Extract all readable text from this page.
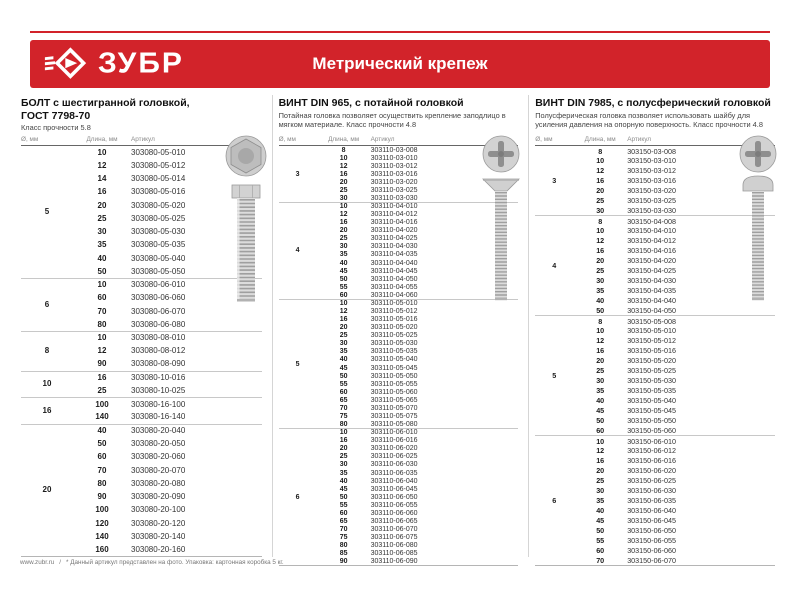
ЗУБР	Метрический крепеж
БОЛТ с шестигранной головкой,
ГОСТ 7798-70
Класс прочности 5.8
Ø, мм	Длина, мм	Артикул
5	10	303080-05-010
	12	303080-05-012
	14	303080-05-014
	16	303080-05-016
	20	303080-05-020
	25	303080-05-025
	30	303080-05-030
	35	303080-05-035
	40	303080-05-040
	50	303080-05-050
6	10	303080-06-010
	60	303080-06-060
	70	303080-06-070
	80	303080-06-080
8	10	303080-08-010
	12	303080-08-012
	90	303080-08-090
10	16	303080-10-016
	25	303080-10-025
16	100	303080-16-100
	140	303080-16-140
20	40	303080-20-040
	50	303080-20-050
	60	303080-20-060
	70	303080-20-070
	80	303080-20-080
	90	303080-20-090
	100	303080-20-100
	120	303080-20-120
	140	303080-20-140
	160	303080-20-160
ВИНТ DIN 965, с потайной головкой
Потайная головка позволяет осуществить крепление заподлицо в мягком материале. Класс прочности 4.8
Ø, мм	Длина, мм	Артикул
3	8	303110-03-008
	10	303110-03-010
	12	303110-03-012
	16	303110-03-016
	20	303110-03-020
	25	303110-03-025
	30	303110-03-030
4	10	303110-04-010
	12	303110-04-012
	16	303110-04-016
	20	303110-04-020
	25	303110-04-025
	30	303110-04-030
	35	303110-04-035
	40	303110-04-040
	45	303110-04-045
	50	303110-04-050
	55	303110-04-055
	60	303110-04-060
5	10	303110-05-010
	12	303110-05-012
	16	303110-05-016
	20	303110-05-020
	25	303110-05-025
	30	303110-05-030
	35	303110-05-035
	40	303110-05-040
	45	303110-05-045
	50	303110-05-050
	55	303110-05-055
	60	303110-05-060
	65	303110-05-065
	70	303110-05-070
	75	303110-05-075
	80	303110-05-080
6	10	303110-06-010
	16	303110-06-016
	20	303110-06-020
	25	303110-06-025
	30	303110-06-030
	35	303110-06-035
	40	303110-06-040
	45	303110-06-045
	50	303110-06-050
	55	303110-06-055
	60	303110-06-060
	65	303110-06-065
	70	303110-06-070
	75	303110-06-075
	80	303110-06-080
	85	303110-06-085
	90	303110-06-090
ВИНТ DIN 7985, с полусферический головкой
Полусферическая головка позволяет использовать шайбу для усиления давления на опорную поверхность. Класс прочности 4.8
Ø, мм	Длина, мм	Артикул
3	8	303150-03-008
	10	303150-03-010
	12	303150-03-012
	16	303150-03-016
	20	303150-03-020
	25	303150-03-025
	30	303150-03-030
4	8	303150-04-008
	10	303150-04-010
	12	303150-04-012
	16	303150-04-016
	20	303150-04-020
	25	303150-04-025
	30	303150-04-030
	35	303150-04-035
	40	303150-04-040
	50	303150-04-050
5	8	303150-05-008
	10	303150-05-010
	12	303150-05-012
	16	303150-05-016
	20	303150-05-020
	25	303150-05-025
	30	303150-05-030
	35	303150-05-035
	40	303150-05-040
	45	303150-05-045
	50	303150-05-050
	60	303150-05-060
6	10	303150-06-010
	12	303150-06-012
	16	303150-06-016
	20	303150-06-020
	25	303150-06-025
	30	303150-06-030
	35	303150-06-035
	40	303150-06-040
	45	303150-06-045
	50	303150-06-050
	55	303150-06-055
	60	303150-06-060
	70	303150-06-070
www.zubr.ru / * Данный артикул представлен на фото. Упаковка: картонная коробка 5 кг.
